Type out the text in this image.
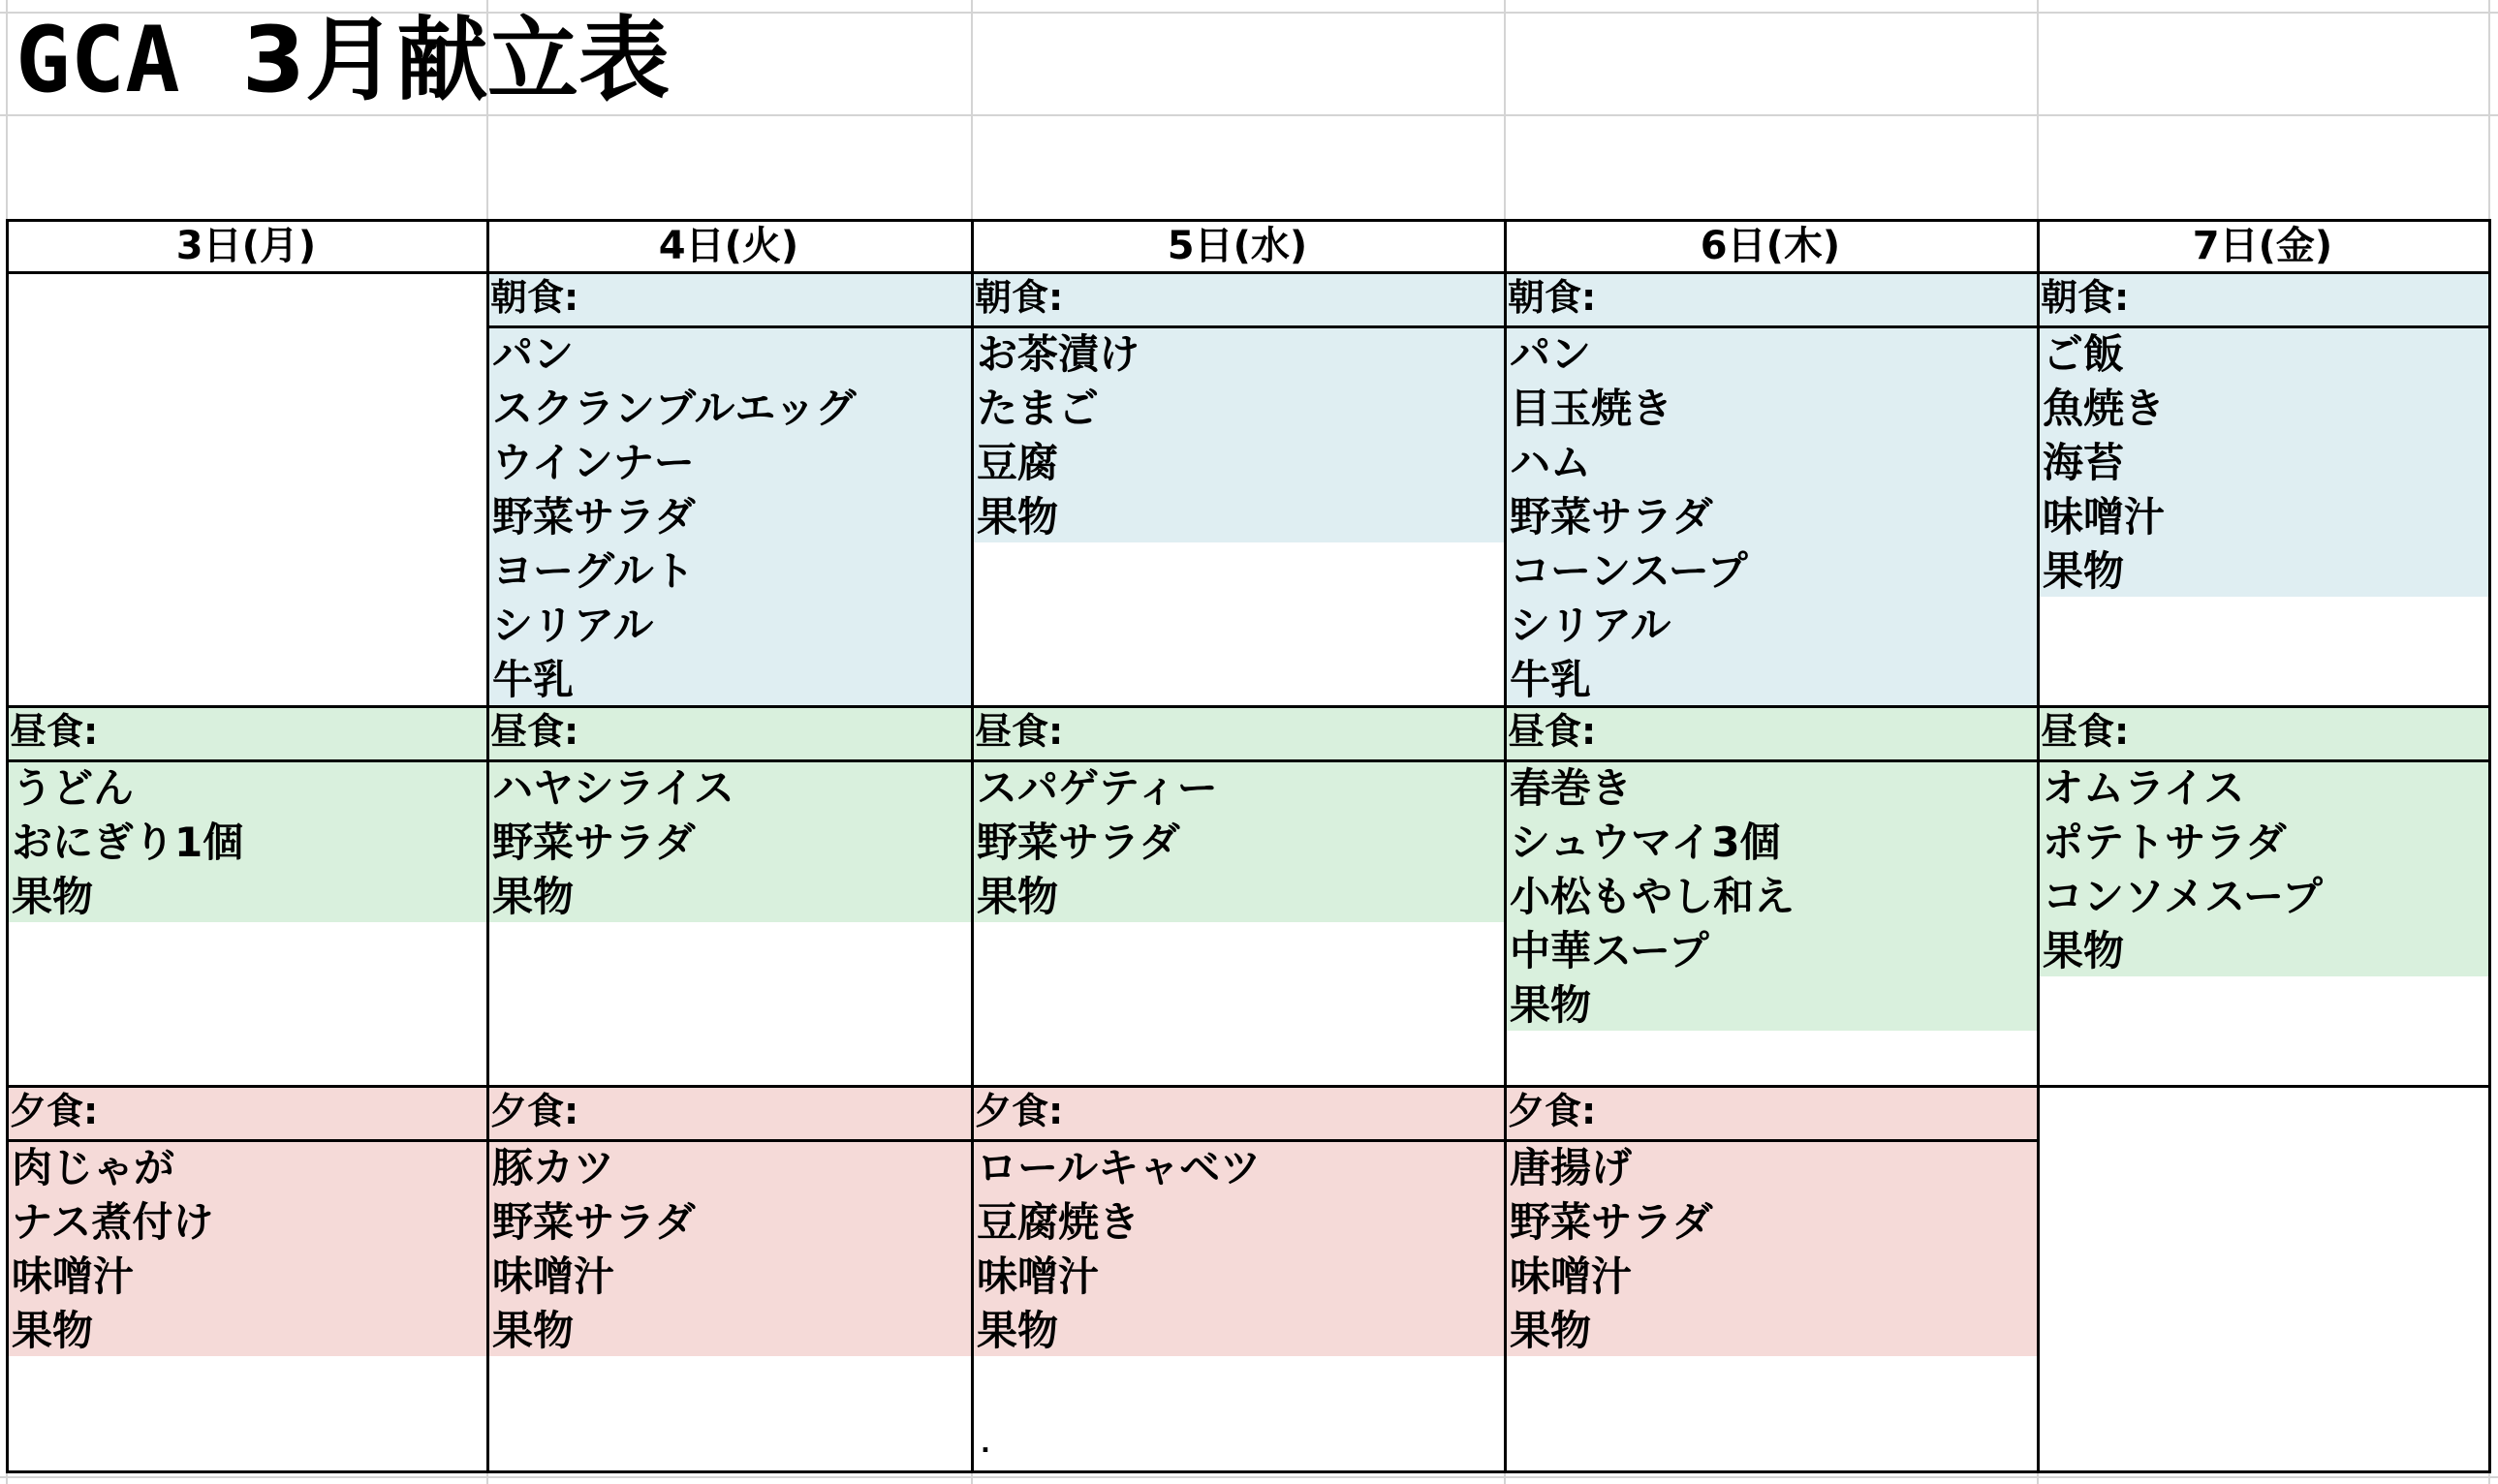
GCA 3月献立表
3日(月)
昼食:
うどん
おにぎり1個
果物
夕食:
肉じゃが
ナス煮付け
味噌汁
果物
4日(火)
朝食:
パン
スクランブルエッグ
ウインナー
野菜サラダ
ヨーグルト
シリアル
牛乳
昼食:
ハヤシライス
野菜サラダ
果物
夕食:
豚カツ
野菜サラダ
味噌汁
果物
5日(水)
朝食:
お茶漬け
たまご
豆腐
果物
昼食:
スパゲティー
野菜サラダ
果物
夕食:
ロールキャベツ
豆腐焼き
味噌汁
果物
.
6日(木)
朝食:
パン
目玉焼き
ハム
野菜サラダ
コーンスープ
シリアル
牛乳
昼食:
春巻き
シュウマイ3個
小松もやし和え
中華スープ
果物
夕食:
唐揚げ
野菜サラダ
味噌汁
果物
7日(金)
朝食:
ご飯
魚焼き
海苔
味噌汁
果物
昼食:
オムライス
ポテトサラダ
コンソメスープ
果物
